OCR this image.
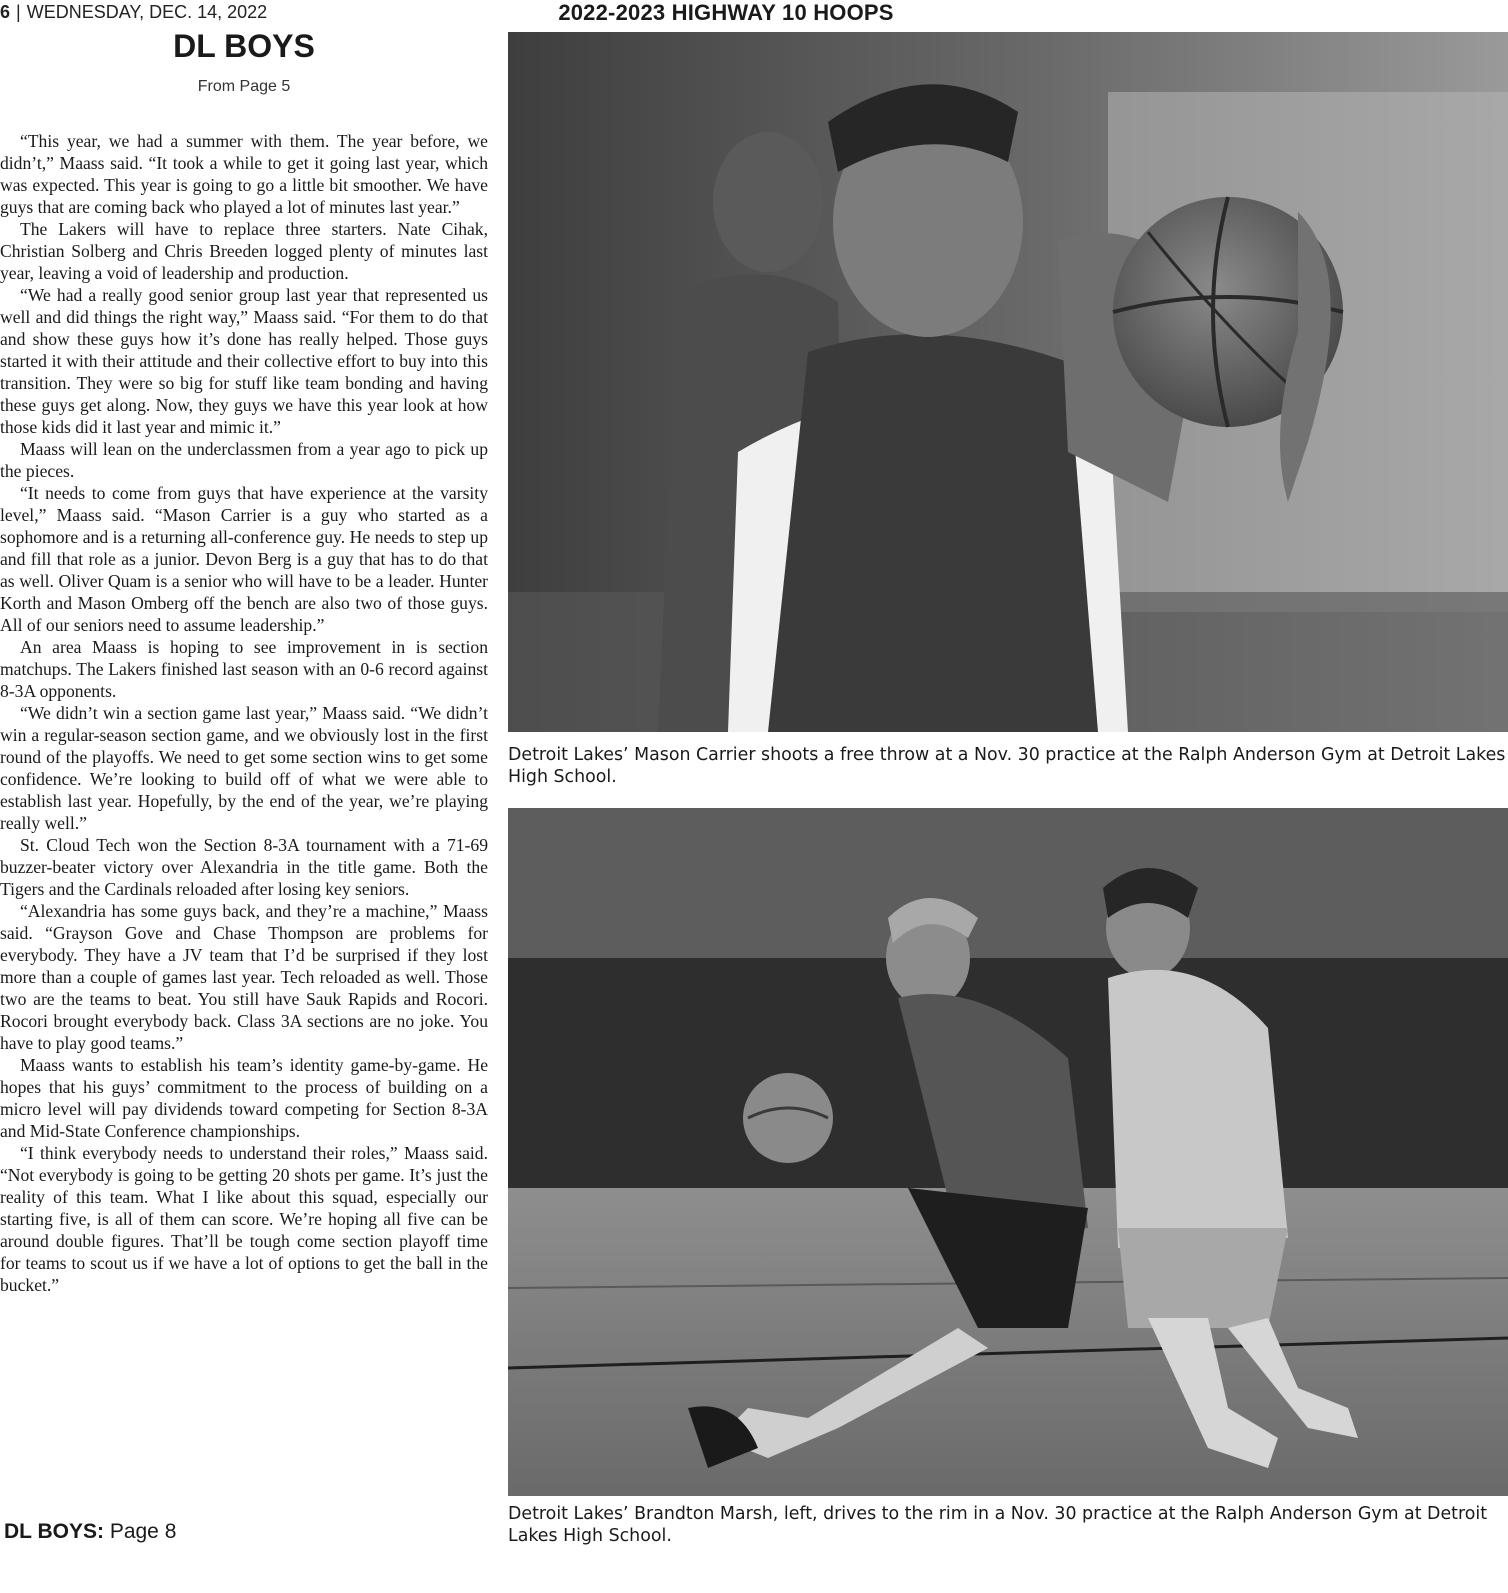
6 | WEDNESDAY, DEC. 14, 2022	2022-2023 HIGHWAY 10 HOOPS
DL BOYS
From Page 5

“This year, we had a summer with them. The year before, we didn’t,” Maass said. “It took a while to get it going last year, which was expected. This year is going to go a little bit smoother. We have guys that are coming back who played a lot of minutes last year.”

The Lakers will have to replace three starters. Nate Cihak, Christian Solberg and Chris Breeden logged plenty of minutes last year, leaving a void of leadership and production.

“We had a really good senior group last year that represented us well and did things the right way,” Maass said. “For them to do that and show these guys how it’s done has really helped. Those guys started it with their attitude and their collective effort to buy into this transition. They were so big for stuff like team bonding and having these guys get along. Now, they guys we have this year look at how those kids did it last year and mimic it.”

Maass will lean on the underclassmen from a year ago to pick up the pieces.

“It needs to come from guys that have experience at the varsity level,” Maass said. “Mason Carrier is a guy who started as a sophomore and is a returning all-conference guy. He needs to step up and fill that role as a junior. Devon Berg is a guy that has to do that as well. Oliver Quam is a senior who will have to be a leader. Hunter Korth and Mason Omberg off the bench are also two of those guys. All of our seniors need to assume leadership.”

An area Maass is hoping to see improvement in is section matchups. The Lakers finished last season with an 0-6 record against 8-3A opponents.

“We didn’t win a section game last year,” Maass said. “We didn’t win a regular-season section game, and we obviously lost in the first round of the playoffs. We need to get some section wins to get some confidence. We’re looking to build off of what we were able to establish last year. Hopefully, by the end of the year, we’re playing really well.”

St. Cloud Tech won the Section 8-3A tournament with a 71-69 buzzer-beater victory over Alexandria in the title game. Both the Tigers and the Cardinals reloaded after losing key seniors.

“Alexandria has some guys back, and they’re a machine,” Maass said. “Grayson Gove and Chase Thompson are problems for everybody. They have a JV team that I’d be surprised if they lost more than a couple of games last year. Tech reloaded as well. Those two are the teams to beat. You still have Sauk Rapids and Rocori. Rocori brought everybody back. Class 3A sections are no joke. You have to play good teams.”

Maass wants to establish his team’s identity game-by-game. He hopes that his guys’ commitment to the process of building on a micro level will pay dividends toward competing for Section 8-3A and Mid-State Conference championships.

“I think everybody needs to understand their roles,” Maass said. “Not everybody is going to be getting 20 shots per game. It’s just the reality of this team. What I like about this squad, especially our starting five, is all of them can score. We’re hoping all five can be around double figures. That’ll be tough come section playoff time for teams to scout us if we have a lot of options to get the ball in the bucket.”

DL BOYS: Page 8
Detroit Lakes’ Mason Carrier shoots a free throw at a Nov. 30 practice at the Ralph Anderson Gym at Detroit Lakes High School.
Detroit Lakes’ Brandton Marsh, left, drives to the rim in a Nov. 30 practice at the Ralph Anderson Gym at Detroit Lakes High School.
